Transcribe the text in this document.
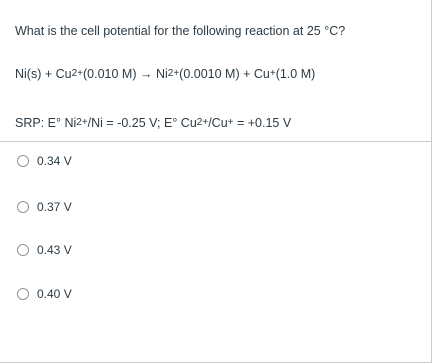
What is the cell potential for the following reaction at 25 °C?
$Ni(s) + Cu^{2+}(0.010$ $M) \to Ni^{2+}(0.0010$ M) + Cu+(1.0 M)
SRP: E° $Ni^{2+}/Ni = -0.25$ V; E° $Cu^{2+}/Cu^+ = +0.15$ V
0.34 V
0.37 V
0.43 V
0.40 V
